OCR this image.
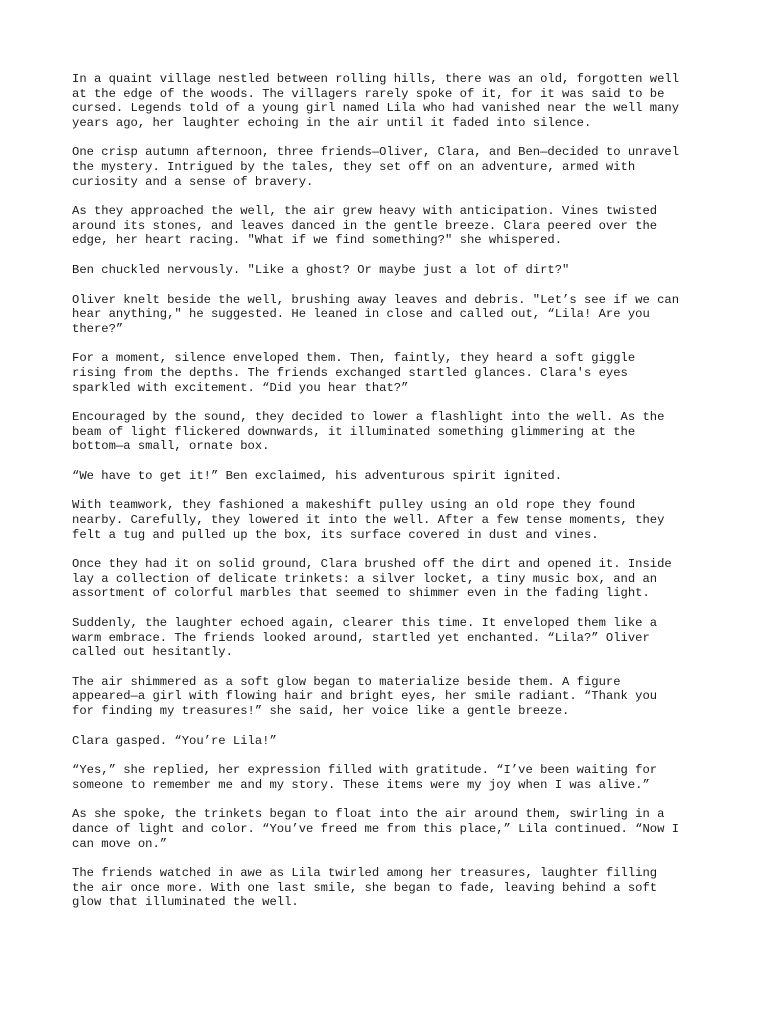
In a quaint village nestled between rolling hills, there was an old, forgotten well
at the edge of the woods. The villagers rarely spoke of it, for it was said to be
cursed. Legends told of a young girl named Lila who had vanished near the well many
years ago, her laughter echoing in the air until it faded into silence.

One crisp autumn afternoon, three friends—Oliver, Clara, and Ben—decided to unravel
the mystery. Intrigued by the tales, they set off on an adventure, armed with
curiosity and a sense of bravery.

As they approached the well, the air grew heavy with anticipation. Vines twisted
around its stones, and leaves danced in the gentle breeze. Clara peered over the
edge, her heart racing. "What if we find something?" she whispered.

Ben chuckled nervously. "Like a ghost? Or maybe just a lot of dirt?"

Oliver knelt beside the well, brushing away leaves and debris. "Let’s see if we can
hear anything," he suggested. He leaned in close and called out, “Lila! Are you
there?”

For a moment, silence enveloped them. Then, faintly, they heard a soft giggle
rising from the depths. The friends exchanged startled glances. Clara's eyes
sparkled with excitement. “Did you hear that?”

Encouraged by the sound, they decided to lower a flashlight into the well. As the
beam of light flickered downwards, it illuminated something glimmering at the
bottom—a small, ornate box.

“We have to get it!” Ben exclaimed, his adventurous spirit ignited.

With teamwork, they fashioned a makeshift pulley using an old rope they found
nearby. Carefully, they lowered it into the well. After a few tense moments, they
felt a tug and pulled up the box, its surface covered in dust and vines.

Once they had it on solid ground, Clara brushed off the dirt and opened it. Inside
lay a collection of delicate trinkets: a silver locket, a tiny music box, and an
assortment of colorful marbles that seemed to shimmer even in the fading light.

Suddenly, the laughter echoed again, clearer this time. It enveloped them like a
warm embrace. The friends looked around, startled yet enchanted. “Lila?” Oliver
called out hesitantly.

The air shimmered as a soft glow began to materialize beside them. A figure
appeared—a girl with flowing hair and bright eyes, her smile radiant. “Thank you
for finding my treasures!” she said, her voice like a gentle breeze.

Clara gasped. “You’re Lila!”

“Yes,” she replied, her expression filled with gratitude. “I’ve been waiting for
someone to remember me and my story. These items were my joy when I was alive.”

As she spoke, the trinkets began to float into the air around them, swirling in a
dance of light and color. “You’ve freed me from this place,” Lila continued. “Now I
can move on.”

The friends watched in awe as Lila twirled among her treasures, laughter filling
the air once more. With one last smile, she began to fade, leaving behind a soft
glow that illuminated the well.
